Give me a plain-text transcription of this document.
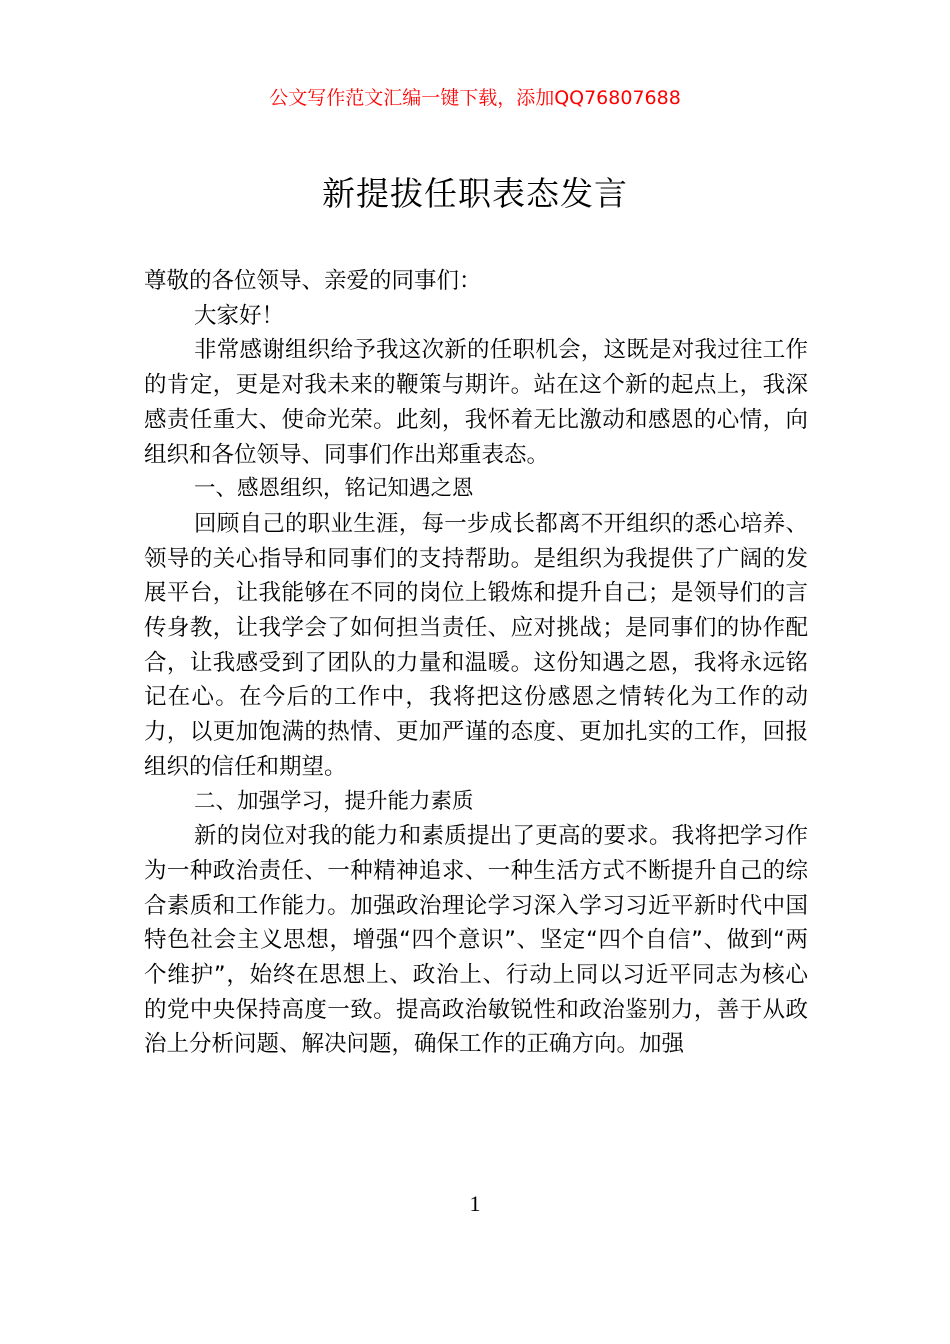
公文写作范文汇编一键下载，添加QQ76807688
新提拔任职表态发言

尊敬的各位领导、亲爱的同事们：

大家好！

非常感谢组织给予我这次新的任职机会，这既是对我过往工作的肯定，更是对我未来的鞭策与期许。站在这个新的起点上，我深感责任重大、使命光荣。此刻，我怀着无比激动和感恩的心情，向组织和各位领导、同事们作出郑重表态。

一、感恩组织，铭记知遇之恩

回顾自己的职业生涯，每一步成长都离不开组织的悉心培养、领导的关心指导和同事们的支持帮助。是组织为我提供了广阔的发展平台，让我能够在不同的岗位上锻炼和提升自己；是领导们的言传身教，让我学会了如何担当责任、应对挑战；是同事们的协作配合，让我感受到了团队的力量和温暖。这份知遇之恩，我将永远铭记在心。在今后的工作中，我将把这份感恩之情转化为工作的动力，以更加饱满的热情、更加严谨的态度、更加扎实的工作，回报组织的信任和期望。

二、加强学习，提升能力素质

新的岗位对我的能力和素质提出了更高的要求。我将把学习作为一种政治责任、一种精神追求、一种生活方式不断提升自己的综合素质和工作能力。加强政治理论学习深入学习习近平新时代中国特色社会主义思想，增强“四个意识”、坚定“四个自信”、做到“两个维护”，始终在思想上、政治上、行动上同以习近平同志为核心的党中央保持高度一致。提高政治敏锐性和政治鉴别力，善于从政治上分析问题、解决问题，确保工作的正确方向。加强

1
